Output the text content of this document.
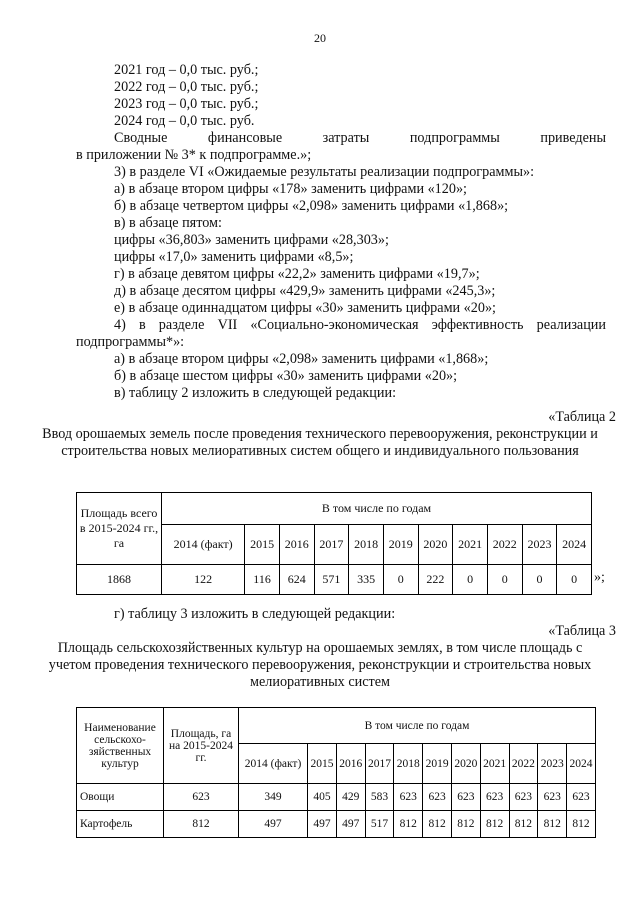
20
2021 год – 0,0 тыс. руб.;
2022 год – 0,0 тыс. руб.;
2023 год – 0,0 тыс. руб.;
2024 год – 0,0 тыс. руб.
Сводные финансовые затраты подпрограммы приведены
в приложении № 3* к подпрограмме.»;
3) в разделе VI «Ожидаемые результаты реализации подпрограммы»:
а) в абзаце втором цифры «178» заменить цифрами «120»;
б) в абзаце четвертом цифры «2,098» заменить цифрами «1,868»;
в) в абзаце пятом:
цифры «36,803» заменить цифрами «28,303»;
цифры «17,0» заменить цифрами «8,5»;
г) в абзаце девятом цифры «22,2» заменить цифрами «19,7»;
д) в абзаце десятом цифры «429,9» заменить цифрами «245,3»;
е) в абзаце одиннадцатом цифры «30» заменить цифрами «20»;
4) в разделе VII «Социально-экономическая эффективность реализации
подпрограммы*»:
а) в абзаце втором цифры «2,098» заменить цифрами «1,868»;
б) в абзаце шестом цифры «30» заменить цифрами «20»;
в) таблицу 2 изложить в следующей редакции:
«Таблица 2
Ввод орошаемых земель после проведения технического перевооружения, реконструкции и строительства новых мелиоративных систем общего и индивидуального пользования
Площадь всего в 2015-2024 гг., га	В том числе по годам										
	2014 (факт)	2015	2016	2017	2018	2019	2020	2021	2022	2023	2024
1868	122	116	624	571	335	0	222	0	0	0	0 »;
г) таблицу 3 изложить в следующей редакции:
«Таблица 3
Площадь сельскохозяйственных культур на орошаемых землях, в том числе площадь с учетом проведения технического перевооружения, реконструкции и строительства новых мелиоративных систем
Наименование сельскохо-зяйственных культур	Площадь, га на 2015-2024 гг.	В том числе по годам										
		2014 (факт)	2015	2016	2017	2018	2019	2020	2021	2022	2023	2024
Овощи	623	349	405	429	583	623	623	623	623	623	623	623
Картофель	812	497	497	497	517	812	812	812	812	812	812	812
